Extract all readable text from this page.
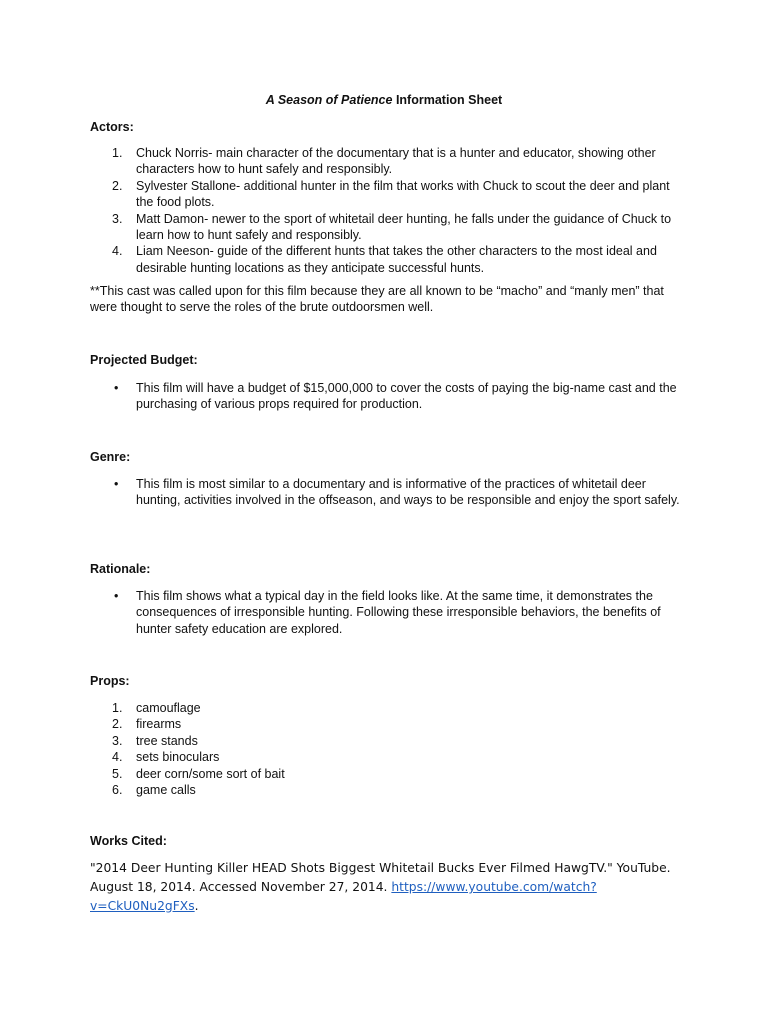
A Season of Patience Information Sheet
Actors:
1. Chuck Norris- main character of the documentary that is a hunter and educator, showing other characters how to hunt safely and responsibly.
2. Sylvester Stallone- additional hunter in the film that works with Chuck to scout the deer and plant the food plots.
3. Matt Damon- newer to the sport of whitetail deer hunting, he falls under the guidance of Chuck to learn how to hunt safely and responsibly.
4. Liam Neeson- guide of the different hunts that takes the other characters to the most ideal and desirable hunting locations as they anticipate successful hunts.
**This cast was called upon for this film because they are all known to be “macho” and “manly men” that were thought to serve the roles of the brute outdoorsmen well.
Projected Budget:
• This film will have a budget of $15,000,000 to cover the costs of paying the big-name cast and the purchasing of various props required for production.
Genre:
• This film is most similar to a documentary and is informative of the practices of whitetail deer hunting, activities involved in the offseason, and ways to be responsible and enjoy the sport safely.
Rationale:
• This film shows what a typical day in the field looks like. At the same time, it demonstrates the consequences of irresponsible hunting. Following these irresponsible behaviors, the benefits of hunter safety education are explored.
Props:
1. camouflage
2. firearms
3. tree stands
4. sets binoculars
5. deer corn/some sort of bait
6. game calls
Works Cited:
"2014 Deer Hunting Killer HEAD Shots Biggest Whitetail Bucks Ever Filmed HawgTV." YouTube. August 18, 2014. Accessed November 27, 2014. https://www.youtube.com/watch?v=CkU0Nu2gFXs.
